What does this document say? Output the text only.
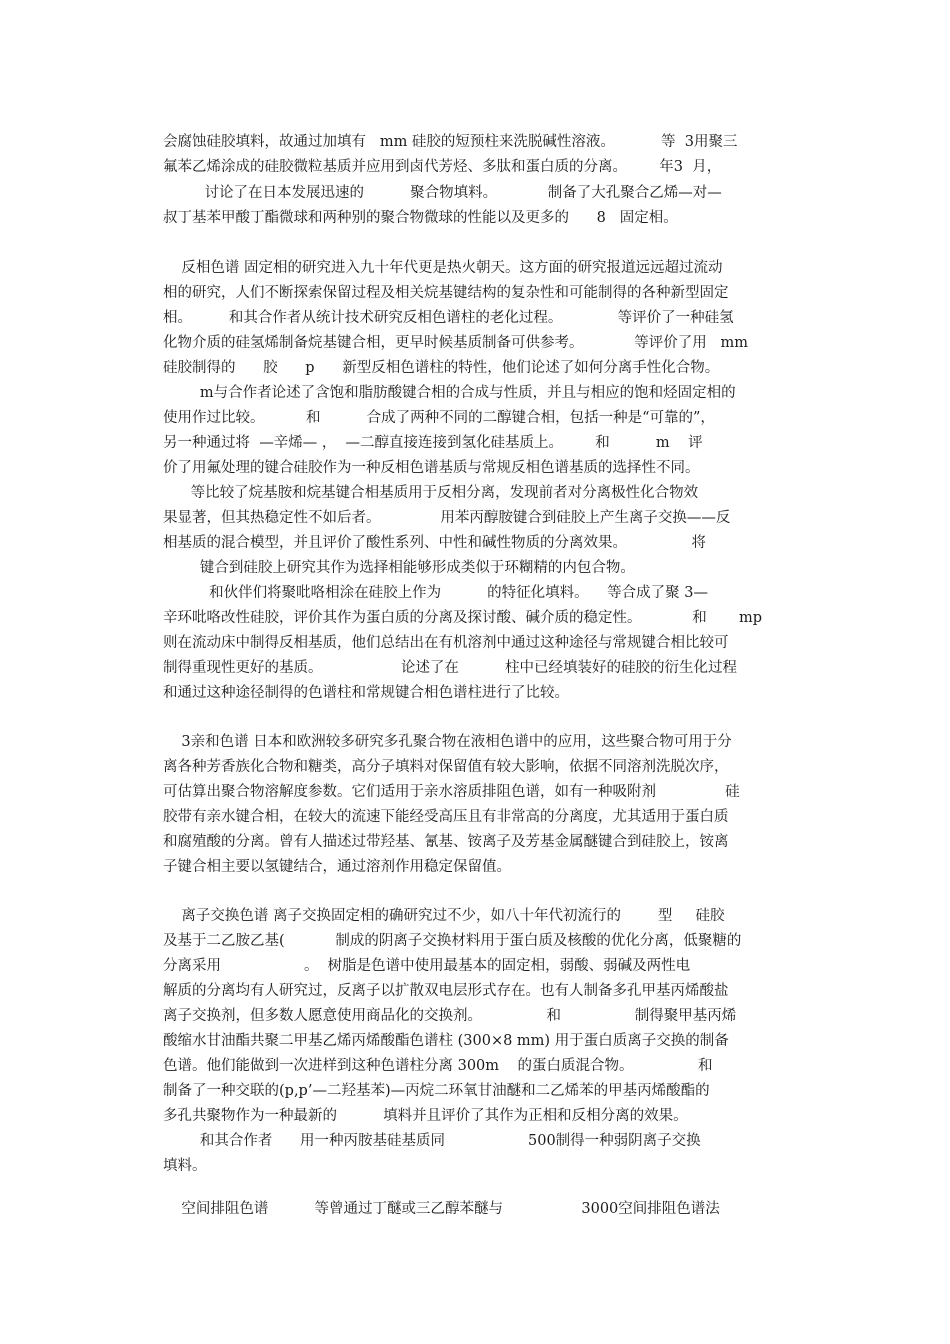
会腐蚀硅胶填料，故通过加填有   mm 硅胶的短预柱来洗脱碱性溶液。          等  3用聚三
氟苯乙烯涂成的硅胶微粒基质并应用到卤代芳烃、多肽和蛋白质的分离。       年3  月，
讨论了在日本发展迅速的          聚合物填料。           制备了大孔聚合乙烯—对—
叔丁基苯甲酸丁酯微球和两种别的聚合物微球的性能以及更多的      8   固定相。
反相色谱 固定相的研究进入九十年代更是热火朝天。这方面的研究报道远远超过流动
相的研究，人们不断探索保留过程及相关烷基键结构的复杂性和可能制得的各种新型固定
相。        和其合作者从统计技术研究反相色谱柱的老化过程。            等评价了一种硅氢
化物介质的硅氢烯制备烷基键合相，更早时候基质制备可供参考。           等评价了用   mm
硅胶制得的      胶      p      新型反相色谱柱的特性，他们论述了如何分离手性化合物。
m与合作者论述了含饱和脂肪酸键合相的合成与性质，并且与相应的饱和烃固定相的
使用作过比较。         和          合成了两种不同的二醇键合相，包括一种是“可靠的”，
另一种通过将  —辛烯— ，  —二醇直接连接到氢化硅基质上。       和          m    评
价了用氟处理的键合硅胶作为一种反相色谱基质与常规反相色谱基质的选择性不同。
等比较了烷基胺和烷基键合相基质用于反相分离，发现前者对分离极性化合物效
果显著，但其热稳定性不如后者。             用苯丙醇胺键合到硅胶上产生离子交换——反
相基质的混合模型，并且评价了酸性系列、中性和碱性物质的分离效果。              将
键合到硅胶上研究其作为选择相能够形成类似于环糊精的内包合物。
和伙伴们将聚吡咯相涂在硅胶上作为          的特征化填料。    等合成了聚 3—
辛环吡咯改性硅胶，评价其作为蛋白质的分离及探讨酸、碱介质的稳定性。           和       mp
则在流动床中制得反相基质，他们总结出在有机溶剂中通过这种途径与常规键合相比较可
制得重现性更好的基质。                 论述了在          柱中已经填装好的硅胶的衍生化过程
和通过这种途径制得的色谱柱和常规键合相色谱柱进行了比较。
3亲和色谱 日本和欧洲较多研究多孔聚合物在液相色谱中的应用，这些聚合物可用于分
离各种芳香族化合物和糖类，高分子填料对保留值有较大影响，依据不同溶剂洗脱次序，
可估算出聚合物溶解度参数。它们适用于亲水溶质排阻色谱，如有一种吸附剂               硅
胶带有亲水键合相，在较大的流速下能经受高压且有非常高的分离度，尤其适用于蛋白质
和腐殖酸的分离。曾有人描述过带羟基、氰基、铵离子及芳基金属醚键合到硅胶上，铵离
子键合相主要以氢键结合，通过溶剂作用稳定保留值。
离子交换色谱 离子交换固定相的确研究过不少，如八十年代初流行的        型     硅胶
及基于二乙胺乙基(           制成的阴离子交换材料用于蛋白质及核酸的优化分离，低聚糖的
分离采用                  。  树脂是色谱中使用最基本的固定相，弱酸、弱碱及两性电
解质的分离均有人研究过，反离子以扩散双电层形式存在。也有人制备多孔甲基丙烯酸盐
离子交换剂，但多数人愿意使用商品化的交换剂。              和                制得聚甲基丙烯
酸缩水甘油酯共聚二甲基乙烯丙烯酸酯色谱柱 (300×8 mm) 用于蛋白质离子交换的制备
色谱。他们能做到一次进样到这种色谱柱分离 300m    的蛋白质混合物。              和
制备了一种交联的(p,p’—二羟基苯)—丙烷二环氧甘油醚和二乙烯苯的甲基丙烯酸酯的
多孔共聚物作为一种最新的          填料并且评价了其作为正相和反相分离的效果。
和其合作者      用一种丙胺基硅基质同                  500制得一种弱阴离子交换
填料。
空间排阻色谱          等曾通过丁醚或三乙醇苯醚与                 3000空间排阻色谱法
